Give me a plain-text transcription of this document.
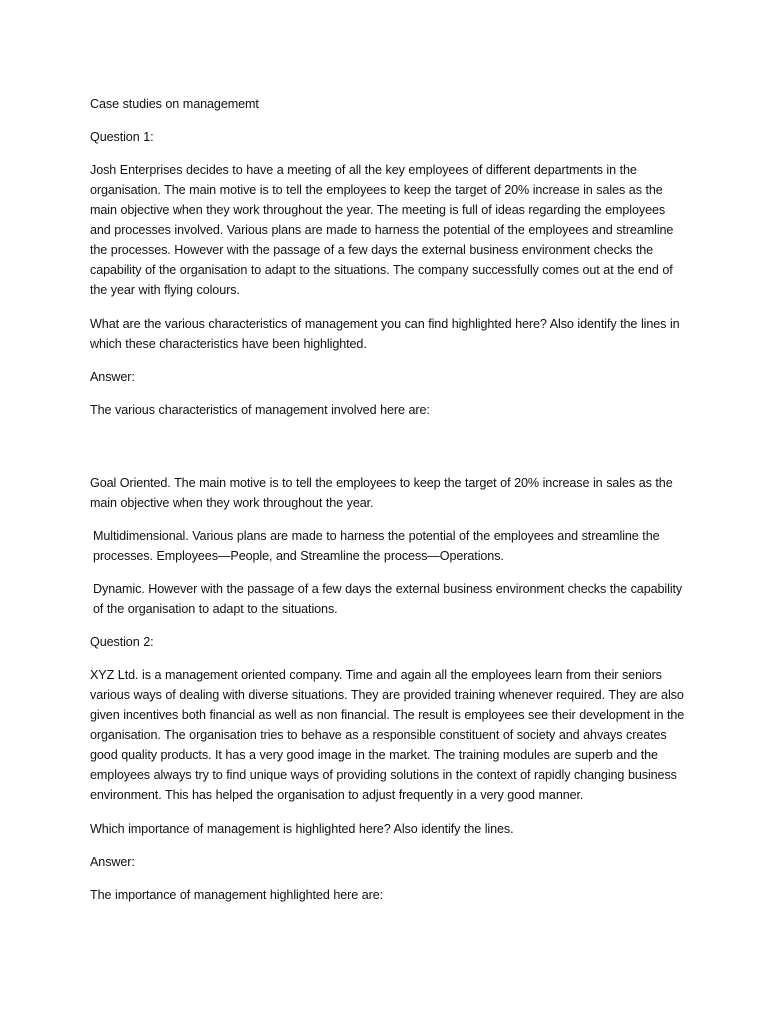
Case studies on managememt

Question 1:

Josh Enterprises decides to have a meeting of all the key employees of different departments in the organisation. The main motive is to tell the employees to keep the target of 20% increase in sales as the main objective when they work throughout the year. The meeting is full of ideas regarding the employees and processes involved. Various plans are made to harness the potential of the employees and streamline the processes. However with the passage of a few days the external business environment checks the capability of the organisation to adapt to the situations. The company successfully comes out at the end of the year with flying colours.

What are the various characteristics of management you can find highlighted here? Also identify the lines in which these characteristics have been highlighted.

Answer:

The various characteristics of management involved here are:

Goal Oriented. The main motive is to tell the employees to keep the target of 20% increase in sales as the main objective when they work throughout the year.

Multidimensional. Various plans are made to harness the potential of the employees and streamline the processes. Employees—People, and Streamline the process—Operations.

Dynamic. However with the passage of a few days the external business environment checks the capability of the organisation to adapt to the situations.

Question 2:

XYZ Ltd. is a management oriented company. Time and again all the employees learn from their seniors various ways of dealing with diverse situations. They are provided training whenever required. They are also given incentives both financial as well as non financial. The result is employees see their development in the organisation. The organisation tries to behave as a responsible constituent of society and ahvays creates good quality products. It has a very good image in the market. The training modules are superb and the employees always try to find unique ways of providing solutions in the context of rapidly changing business environment. This has helped the organisation to adjust frequently in a very good manner.

Which importance of management is highlighted here? Also identify the lines.

Answer:

The importance of management highlighted here are:
